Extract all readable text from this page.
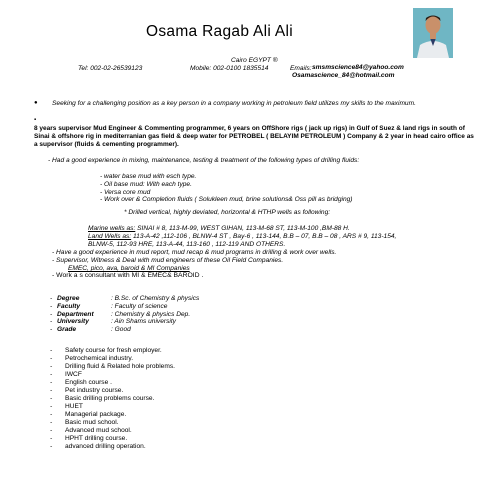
Osama Ragab Ali Ali
Cairo EGYPT ®
Tel: 002-02-26539123	Mobile: 002-0100 1835514	Emails: smsmscience84@yahoo.com
Osamascience_84@hotmail.com
● Seeking for a challenging position as a key person in a company working in petroleum field utilizes my skills to the maximum.
▪
8 years supervisor Mud Engineer & Commenting programmer, 6 years on OffShore rigs ( jack up rigs) in Gulf of Suez & land rigs in south of Sinai & offshore rig in mediterranian gas field & deep water for PETROBEL ( BELAYIM PETROLEUM ) Company & 2 year in head cairo office as a supervisor (fluids & cementing programmer).
- Had a good experience in mixing, maintenance, testing & treatment of the following types of drilling fluids:
- water base mud with esch type.
- Oil base mud: With each type.
- Versa core mud
- Work over & Completion fluids ( Solukleen mud, brine solutions& Oss pill as bridging)
* Drilled vertical, highly deviated, horizontal & HTHP wells as following:
Marine wells as: SINAI # 8, 113-M-99, WEST GIHAN, 113-M-68 ST, 113-M-100 ,BM-88 H.
Land Wells as: 113-A-42 ,112-106 , BLNW-4 ST , Bay-6 , 113-144, B.B – 07, B.B – 08 , ARS # 9, 113-154,
BLNW-5, 112-93 HRE, 113-A-44, 113-160 , 112-119 AND OTHERS.
- Have a good experience in mud report, mud recap & mud programs in drilling & work over wells.
- Supervisor, Witness & Deal with mud engineers of these Oil Field Companies.
EMEC, pico, ava, baroid & MI Companies
- Work a s consultant with MI & EMEC& BAROID .
- Degree	: B.Sc. of Chemistry & physics
- Faculty	: Faculty of science
- Department	: Chemistry & physics Dep.
- University	: Ain Shams university
- Grade	: Good
- Safety course for fresh employer.
- Petrochemical industry.
- Drilling fluid & Related hole problems.
- IWCF
- English course .
- Pet industry course.
- Basic drilling problems course.
- HUET
- Managerial package.
- Basic mud school.
- Advanced mud school.
- HPHT drilling course.
- advanced drilling operation.
